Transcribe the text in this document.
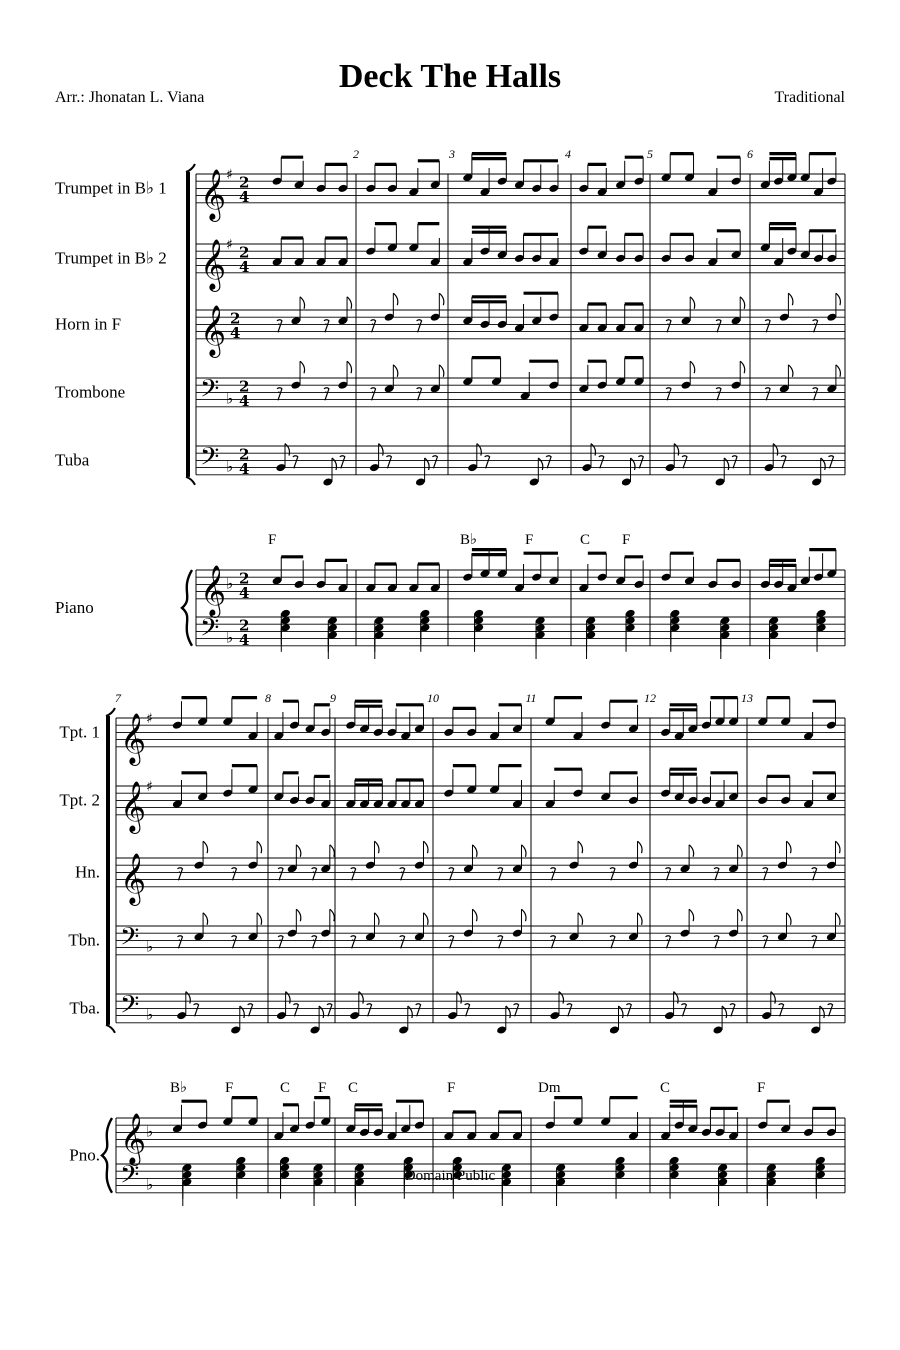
Deck The Halls
Arr.: Jhonatan L. Viana	Traditional
Trumpet in B♭ 1
Trumpet in B♭ 2
Horn in F
Trombone
Tuba
Piano
𝄞 ♯ 2
4
𝄞 ♯ 2
4
𝄞 2
4
𝄢 ♭
2
4
𝄢 ♭
2
4
𝄞 ♭ 2
4
𝄢 ♭
2
4
2	3	4	5	6
F	B♭	F	C F
·	·
·	·
·	·
·	·
·	·
·	·
·	·
·	·
Tpt. 1
Tpt. 2
Hn.
Tbn.
Tba.
Pno.
𝄞 ♯
𝄞 ♯
𝄞
𝄢 ♭
𝄢 ♭
𝄞 ♭
𝄢 ♭
7	8	9	10	11	12	13
B♭	F	C F C	F	Dm	C	F
·	·
·	·
· ·
· ·
·	·
·	·
·	·
·	·
·	·
·	·
·	·
·	·
·	·
·	·
Domain Public
